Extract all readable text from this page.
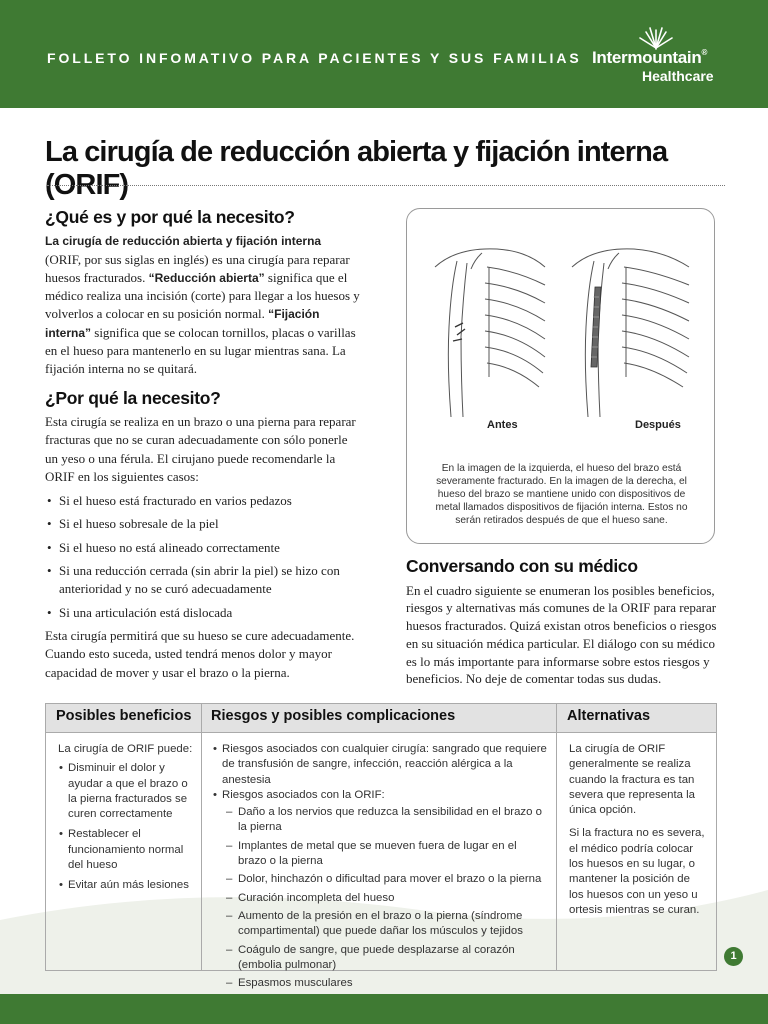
FOLLETO INFOMATIVO PARA PACIENTES Y SUS FAMILIAS Intermountain®
Healthcare
La cirugía de reducción abierta y fijación interna (ORIF)
¿Qué es y por qué la necesito?

La cirugía de reducción abierta y fijación interna (ORIF, por sus siglas en inglés) es una cirugía para reparar huesos fracturados. “Reducción abierta” significa que el médico realiza una incisión (corte) para llegar a los huesos y volverlos a colocar en su posición normal. “Fijación interna” significa que se colocan tornillos, placas o varillas en el hueso para mantenerlo en su lugar mientras sana. La fijación interna no se quitará.

¿Por qué la necesito?

Esta cirugía se realiza en un brazo o una pierna para reparar fracturas que no se curan adecuadamente con sólo ponerle un yeso o una férula. El cirujano puede recomendarle la ORIF en los siguientes casos:

• Si el hueso está fracturado en varios pedazos
• Si el hueso sobresale de la piel
• Si el hueso no está alineado correctamente
• Si una reducción cerrada (sin abrir la piel) se hizo con anterioridad y no se curó adecuadamente
• Si una articulación está dislocada

Esta cirugía permitirá que su hueso se cure adecuadamente. Cuando esto suceda, usted tendrá menos dolor y mayor capacidad de mover y usar el brazo o la pierna.

Antes	Después

En la imagen de la izquierda, el hueso del brazo está severamente fracturado. En la imagen de la derecha, el hueso del brazo se mantiene unido con dispositivos de metal llamados dispositivos de fijación interna. Estos no serán retirados después de que el hueso sane.

Conversando con su médico

En el cuadro siguiente se enumeran los posibles beneficios, riesgos y alternativas más comunes de la ORIF para reparar huesos fracturados. Quizá existan otros beneficios o riesgos en su situación médica particular. El diálogo con su médico es lo más importante para informarse sobre estos riesgos y beneficios. No deje de comentar todas sus dudas.

Posibles beneficios Riesgos y posibles complicaciones	Alternativas

La cirugía de ORIF puede:

• Disminuir el dolor y ayudar a que el brazo o la pierna fracturados se curen correctamente
• Restablecer el funcionamiento normal del hueso
• Evitar aún más lesiones
• Riesgos asociados con cualquier cirugía: sangrado que requiere de transfusión de sangre, infección, reacción alérgica a la anestesia
• Riesgos asociados con la ORIF:
– Daño a los nervios que reduzca la sensibilidad en el brazo o la pierna
– Implantes de metal que se mueven fuera de lugar en el brazo o la pierna
– Dolor, hinchazón o dificultad para mover el brazo o la pierna
– Curación incompleta del hueso
– Aumento de la presión en el brazo o la pierna (síndrome compartimental) que puede dañar los músculos y tejidos
– Coágulo de sangre, que puede desplazarse al corazón (embolia pulmonar)
– Espasmos musculares

La cirugía de ORIF generalmente se realiza cuando la fractura es tan severa que representa la única opción.

Si la fractura no es severa, el médico podría colocar los huesos en su lugar, o mantener la posición de los huesos con un yeso u ortesis mientras se curan.

1
